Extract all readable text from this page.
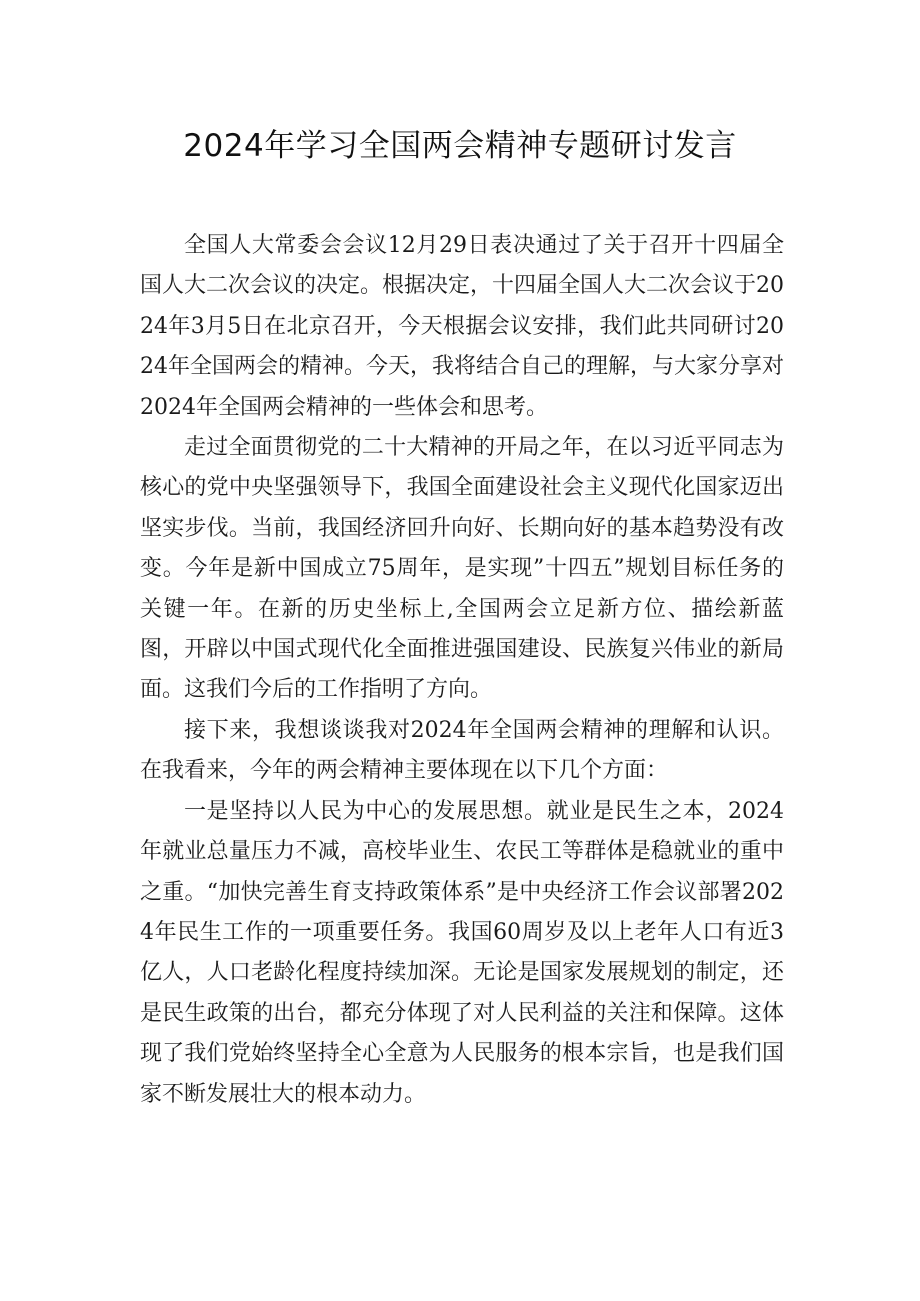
2024年学习全国两会精神专题研讨发言

全国人大常委会会议12月29日表决通过了关于召开十四届全国人大二次会议的决定。根据决定，十四届全国人大二次会议于2024年3月5日在北京召开，今天根据会议安排，我们此共同研讨2024年全国两会的精神。今天，我将结合自己的理解，与大家分享对2024年全国两会精神的一些体会和思考。

走过全面贯彻党的二十大精神的开局之年，在以习近平同志为核心的党中央坚强领导下，我国全面建设社会主义现代化国家迈出坚实步伐。当前，我国经济回升向好、长期向好的基本趋势没有改变。今年是新中国成立75周年，是实现”十四五”规划目标任务的关键一年。在新的历史坐标上,全国两会立足新方位、描绘新蓝图，开辟以中国式现代化全面推进强国建设、民族复兴伟业的新局面。这我们今后的工作指明了方向。

接下来，我想谈谈我对2024年全国两会精神的理解和认识。在我看来，今年的两会精神主要体现在以下几个方面：

一是坚持以人民为中心的发展思想。就业是民生之本，2024年就业总量压力不减，高校毕业生、农民工等群体是稳就业的重中之重。“加快完善生育支持政策体系”是中央经济工作会议部署2024年民生工作的一项重要任务。我国60周岁及以上老年人口有近3亿人，人口老龄化程度持续加深。无论是国家发展规划的制定，还是民生政策的出台，都充分体现了对人民利益的关注和保障。这体现了我们党始终坚持全心全意为人民服务的根本宗旨，也是我们国家不断发展壮大的根本动力。
